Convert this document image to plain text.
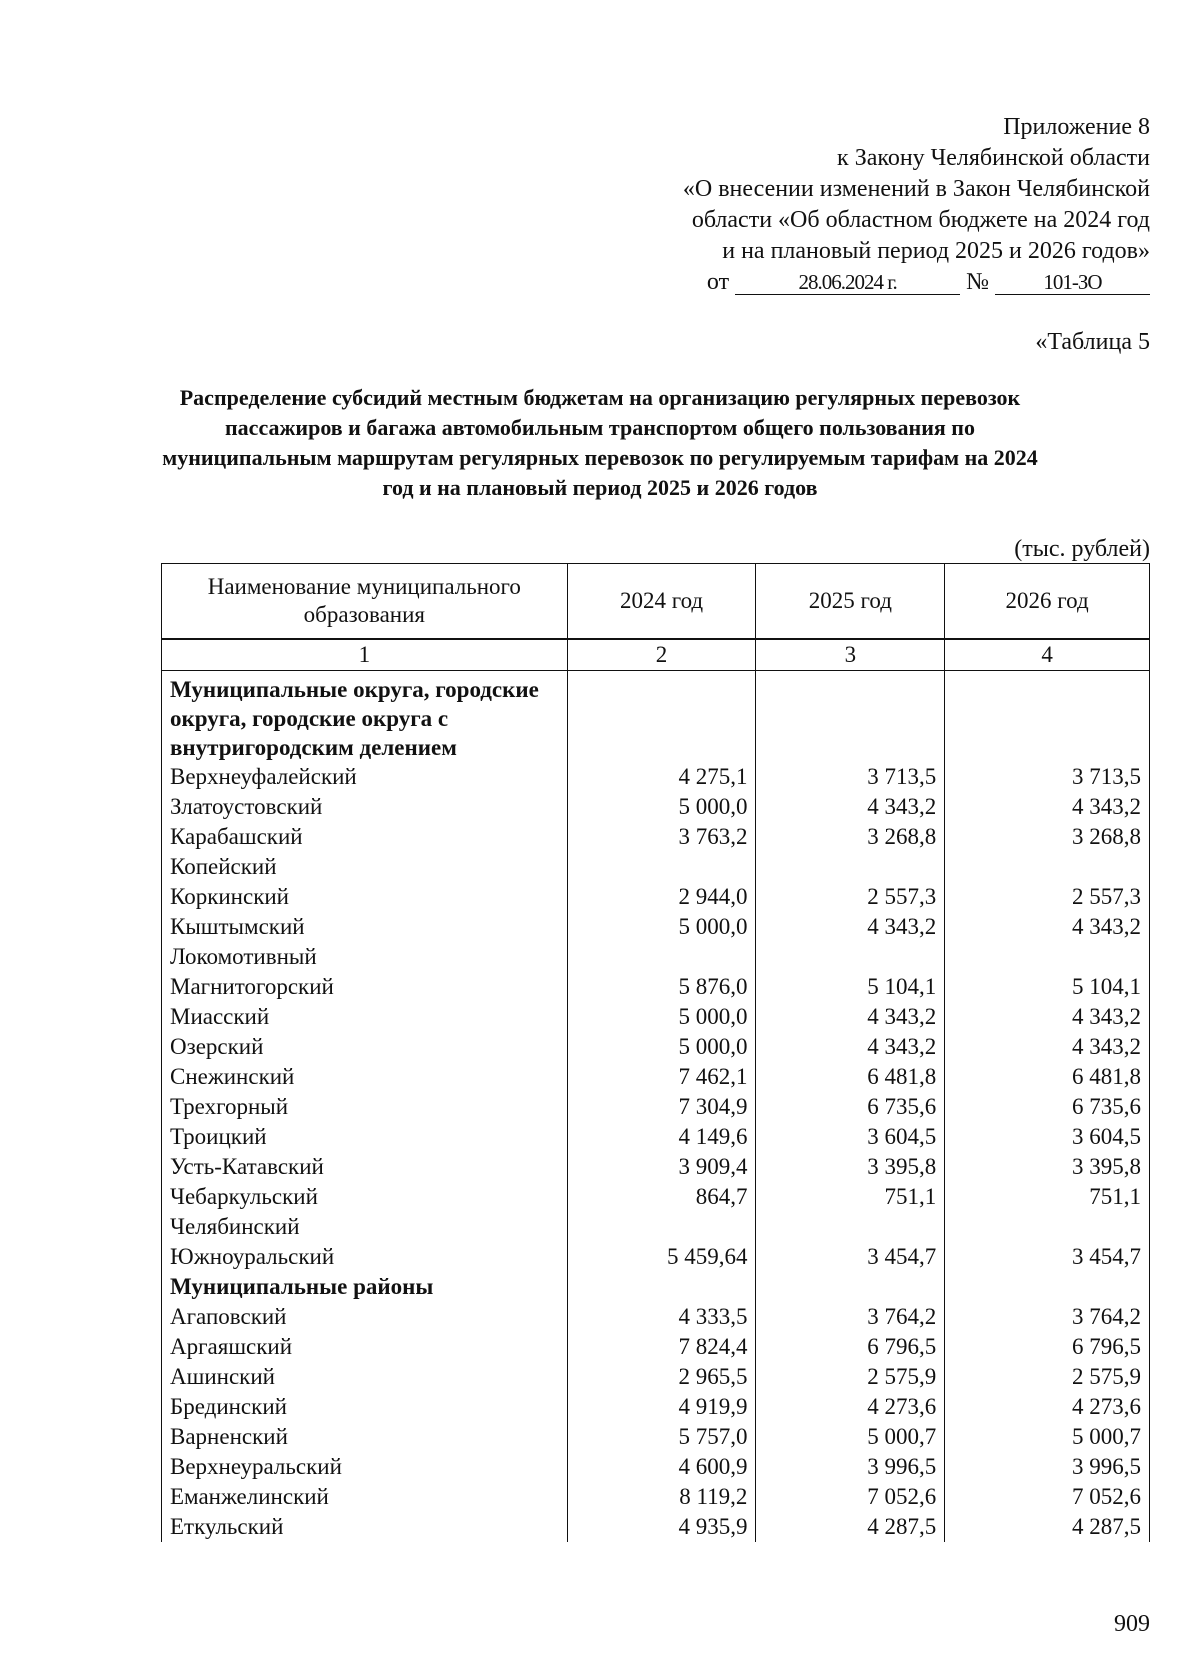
Приложение 8
к Закону Челябинской области
«О внесении изменений в Закон Челябинской
области «Об областном бюджете на 2024 год
и на плановый период 2025 и 2026 годов»
от	28.06.2024 г.	№	101-ЗО
«Таблица 5
Распределение субсидий местным бюджетам на организацию регулярных перевозок пассажиров и багажа автомобильным транспортом общего пользования по муниципальным маршрутам регулярных перевозок по регулируемым тарифам на 2024 год и на плановый период 2025 и 2026 годов
(тыс. рублей)
Наименование муниципального образования	2024 год	2025 год	2026 год
1	2	3	4
Муниципальные округа, городские округа, городские округа с внутригородским делением			
Верхнеуфалейский	4 275,1	3 713,5	3 713,5
Златоустовский	5 000,0	4 343,2	4 343,2
Карабашский	3 763,2	3 268,8	3 268,8
Копейский			
Коркинский	2 944,0	2 557,3	2 557,3
Кыштымский	5 000,0	4 343,2	4 343,2
Локомотивный			
Магнитогорский	5 876,0	5 104,1	5 104,1
Миасский	5 000,0	4 343,2	4 343,2
Озерский	5 000,0	4 343,2	4 343,2
Снежинский	7 462,1	6 481,8	6 481,8
Трехгорный	7 304,9	6 735,6	6 735,6
Троицкий	4 149,6	3 604,5	3 604,5
Усть-Катавский	3 909,4	3 395,8	3 395,8
Чебаркульский	864,7	751,1	751,1
Челябинский			
Южноуральский	5 459,64	3 454,7	3 454,7
Муниципальные районы			
Агаповский	4 333,5	3 764,2	3 764,2
Аргаяшский	7 824,4	6 796,5	6 796,5
Ашинский	2 965,5	2 575,9	2 575,9
Брединский	4 919,9	4 273,6	4 273,6
Варненский	5 757,0	5 000,7	5 000,7
Верхнеуральский	4 600,9	3 996,5	3 996,5
Еманжелинский	8 119,2	7 052,6	7 052,6
Еткульский	4 935,9	4 287,5	4 287,5
909
